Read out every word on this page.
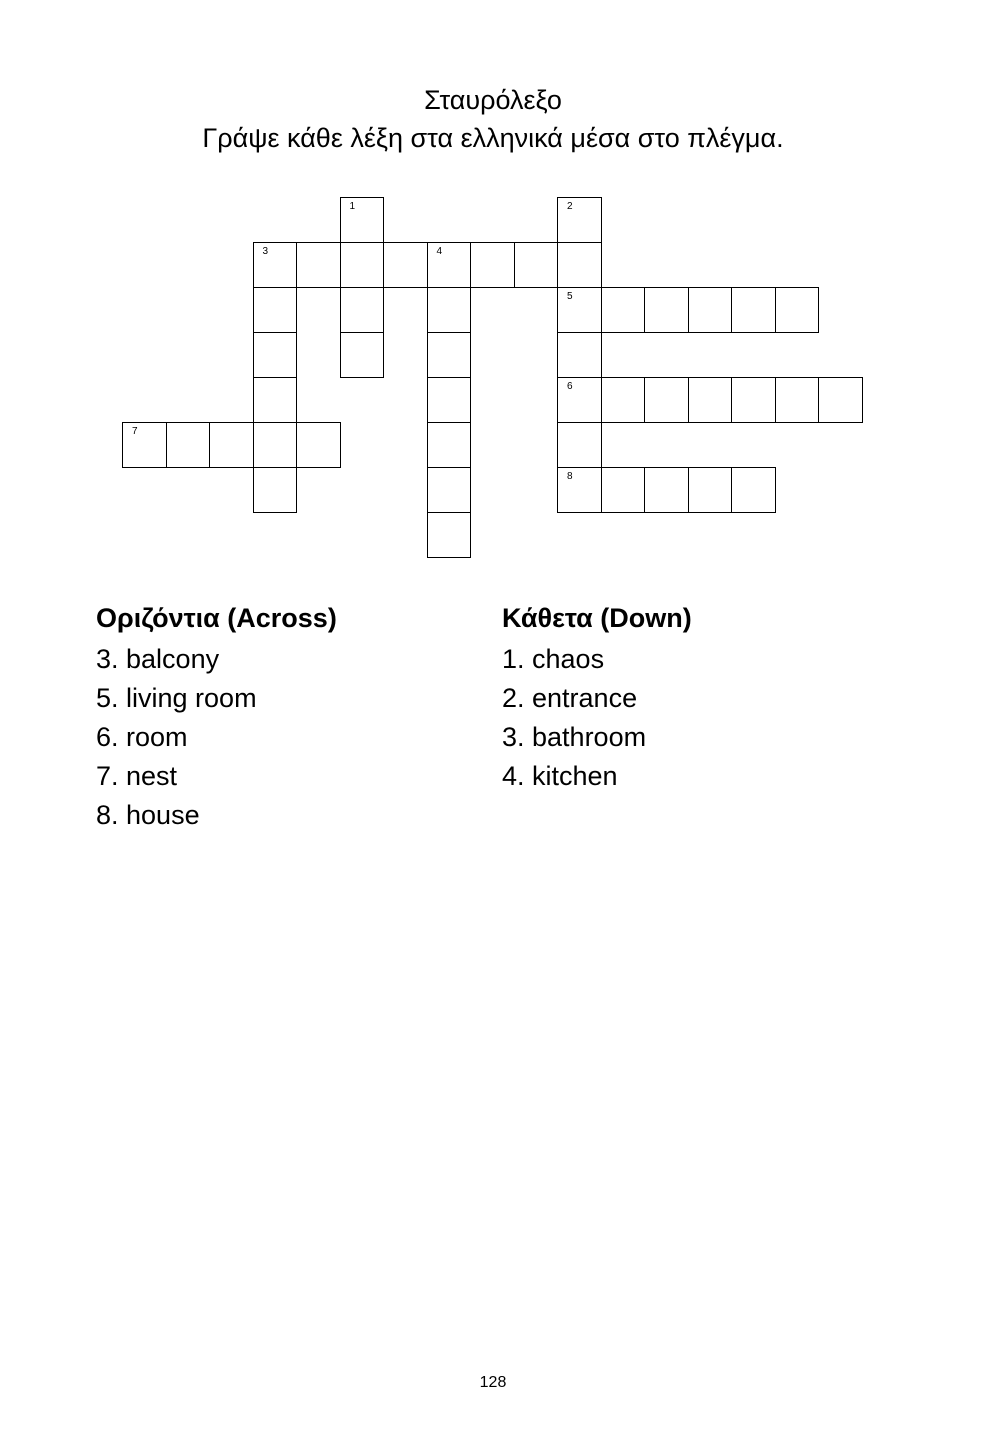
Σταυρόλεξο
Γράψε κάθε λέξη στα ελληνικά μέσα στο πλέγμα.
1	2
3	4
5
6
7
8
Οριζόντια (Across)
3. balcony
5. living room
6. room
7. nest
8. house
Κάθετα (Down)
1. chaos
2. entrance
3. bathroom
4. kitchen
128
